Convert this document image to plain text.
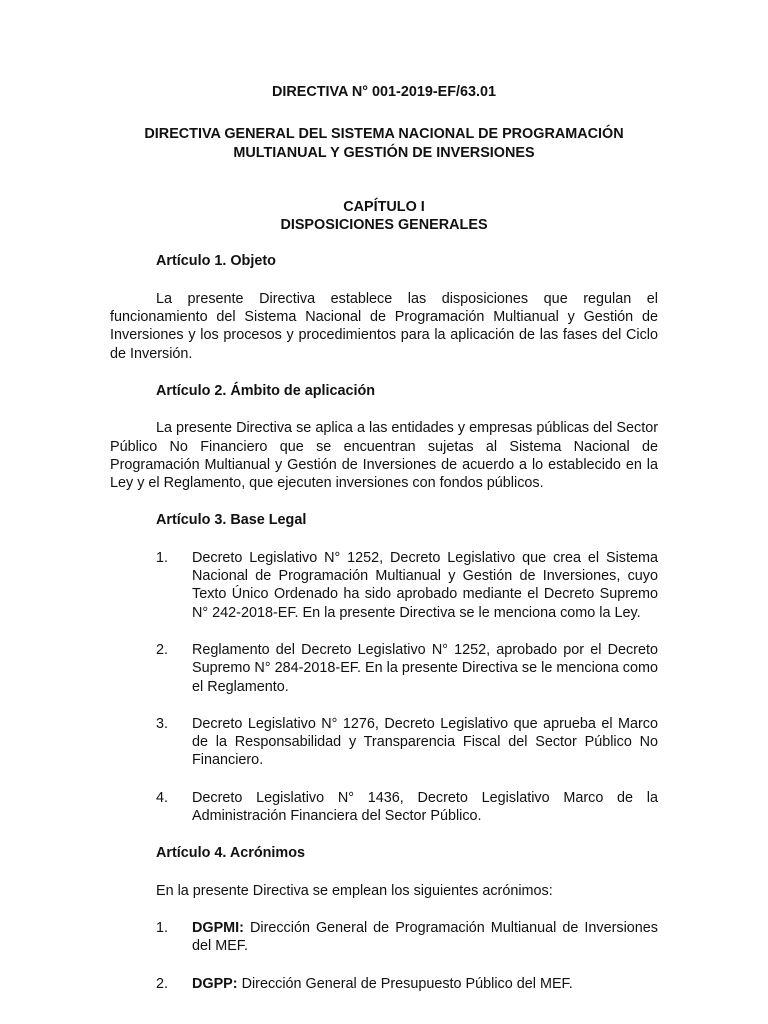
DIRECTIVA N° 001-2019-EF/63.01

DIRECTIVA GENERAL DEL SISTEMA NACIONAL DE PROGRAMACIÓN
MULTIANUAL Y GESTIÓN DE INVERSIONES
CAPÍTULO I
DISPOSICIONES GENERALES

Artículo 1. Objeto

La presente Directiva establece las disposiciones que regulan el funcionamiento del Sistema Nacional de Programación Multianual y Gestión de Inversiones y los procesos y procedimientos para la aplicación de las fases del Ciclo de Inversión.

Artículo 2. Ámbito de aplicación

La presente Directiva se aplica a las entidades y empresas públicas del Sector Público No Financiero que se encuentran sujetas al Sistema Nacional de Programación Multianual y Gestión de Inversiones de acuerdo a lo establecido en la Ley y el Reglamento, que ejecuten inversiones con fondos públicos.

Artículo 3. Base Legal

1.	Decreto Legislativo N° 1252, Decreto Legislativo que crea el Sistema Nacional de Programación Multianual y Gestión de Inversiones, cuyo Texto Único Ordenado ha sido aprobado mediante el Decreto Supremo N° 242-2018-EF. En la presente Directiva se le menciona como la Ley.
2.	Reglamento del Decreto Legislativo N° 1252, aprobado por el Decreto Supremo N° 284-2018-EF. En la presente Directiva se le menciona como el Reglamento.
3.	Decreto Legislativo N° 1276, Decreto Legislativo que aprueba el Marco de la Responsabilidad y Transparencia Fiscal del Sector Público No Financiero.
4.	Decreto Legislativo N° 1436, Decreto Legislativo Marco de la Administración Financiera del Sector Público.

Artículo 4. Acrónimos

En la presente Directiva se emplean los siguientes acrónimos:

1.	DGPMI: Dirección General de Programación Multianual de Inversiones del MEF.
2.	DGPP: Dirección General de Presupuesto Público del MEF.
